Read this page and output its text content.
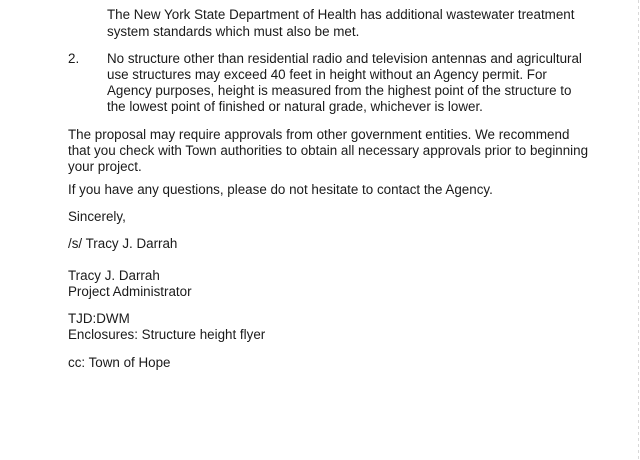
The New York State Department of Health has additional wastewater treatment
system standards which must also be met.
2. No structure other than residential radio and television antennas and agricultural
use structures may exceed 40 feet in height without an Agency permit. For
Agency purposes, height is measured from the highest point of the structure to
the lowest point of finished or natural grade, whichever is lower.
The proposal may require approvals from other government entities. We recommend
that you check with Town authorities to obtain all necessary approvals prior to beginning
your project.
If you have any questions, please do not hesitate to contact the Agency.
Sincerely,
/s/ Tracy J. Darrah
Tracy J. Darrah
Project Administrator
TJD:DWM
Enclosures: Structure height flyer
cc: Town of Hope
